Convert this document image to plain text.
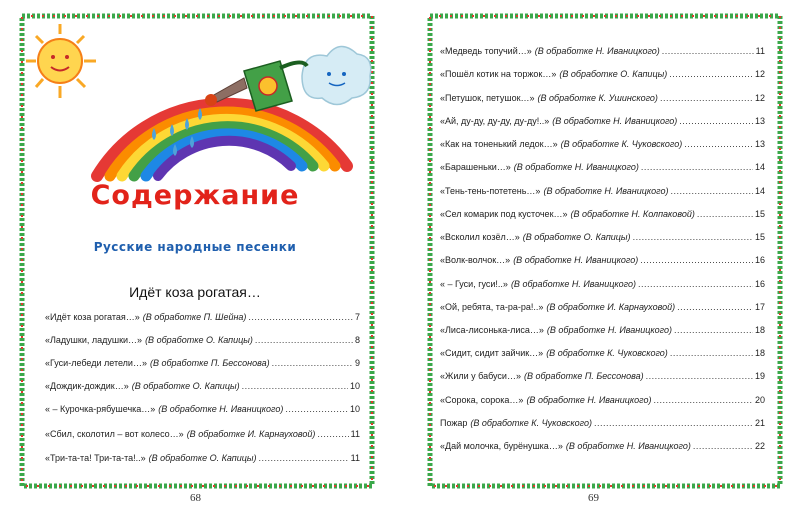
Содержание
Русские народные песенки
Идёт коза рогатая…
«Идёт коза рогатая…» (В обработке П. Шейна) .....	7
«Ладушки, ладушки…» (В обработке О. Капицы) .....	8
«Гуси-лебеди летели…» (В обработке П. Бессонова) .....	9
«Дождик-дождик…» (В обработке О. Капицы) .....	10
« – Курочка-рябушечка…» (В обработке Н. Иваницкого) .....	10
«Сбил, сколотил – вот колесо…» (В обработке И. Карнауховой) .....	11
«Три-та-та! Три-та-та!..» (В обработке О. Капицы) .....	11
68
«Медведь топучий…» (В обработке Н. Иваницкого) .....	11
«Пошёл котик на торжок…» (В обработке О. Капицы) .....	12
«Петушок, петушок…» (В обработке К. Ушинского) .....	12
«Ай, ду-ду, ду-ду, ду-ду!..» (В обработке Н. Иваницкого) .....	13
«Как на тоненький ледок…» (В обработке К. Чуковского) .....	13
«Барашеньки…» (В обработке Н. Иваницкого) .....	14
«Тень-тень-потетень…» (В обработке Н. Иваницкого) .....	14
«Сел комарик под кусточек…» (В обработке Н. Колпаковой) .....	15
«Всколил козёл…» (В обработке О. Капицы) .....	15
«Волк-волчок…» (В обработке Н. Иваницкого) .....	16
« – Гуси, гуси!..» (В обработке Н. Иваницкого) .....	16
«Ой, ребята, та-ра-ра!..» (В обработке И. Карнауховой) .....	17
«Лиса-лисонька-лиса…» (В обработке Н. Иваницкого) .....	18
«Сидит, сидит зайчик…» (В обработке К. Чуковского) .....	18
«Жили у бабуси…» (В обработке П. Бессонова) .....	19
«Сорока, сорока…» (В обработке Н. Иваницкого) .....	20
Пожар (В обработке К. Чуковского) .....	21
«Дай молочка, бурёнушка…» (В обработке Н. Иваницкого) .....	22
69
